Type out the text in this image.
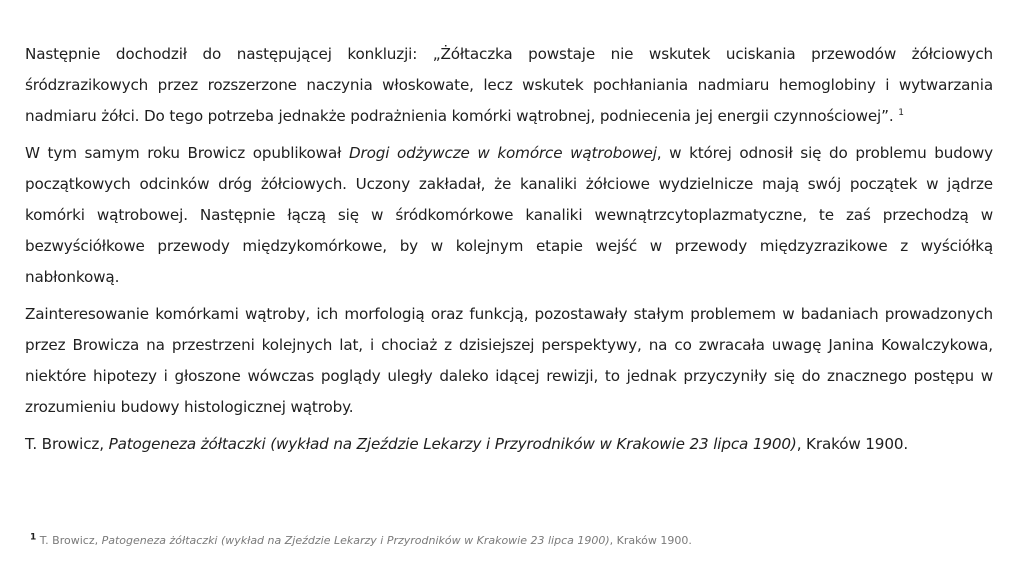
Następnie dochodził do następującej konkluzji: „Żółtaczka powstaje nie wskutek uciskania przewodów żółciowych śródzrazikowych przez rozszerzone naczynia włoskowate, lecz wskutek pochłaniania nadmiaru hemoglobiny i wytwarzania nadmiaru żółci. Do tego potrzeba jednakże podrażnienia komórki wątrobnej, podniecenia jej energii czynnościowej”. $^1$

W tym samym roku Browicz opublikował Drogi odżywcze w komórce wątrobowej, w której odnosił się do problemu budowy początkowych odcinków dróg żółciowych. Uczony zakładał, że kanaliki żółciowe wydzielnicze mają swój początek w jądrze komórki wątrobowej. Następnie łączą się w śródkomórkowe kanaliki wewnątrzcytoplazmatyczne, te zaś przechodzą w bezwyściółkowe przewody międzykomórkowe, by w kolejnym etapie wejść w przewody międzyzrazikowe z wyściółką nabłonkową.

Zainteresowanie komórkami wątroby, ich morfologią oraz funkcją, pozostawały stałym problemem w badaniach prowadzonych przez Browicza na przestrzeni kolejnych lat, i chociaż z dzisiejszej perspektywy, na co zwracała uwagę Janina Kowalczykowa, niektóre hipotezy i głoszone wówczas poglądy uległy daleko idącej rewizji, to jednak przyczyniły się do znacznego postępu w zrozumieniu budowy histologicznej wątroby.

T. Browicz, Patogeneza żółtaczki (wykład na Zjeździe Lekarzy i Przyrodników w Krakowie 23 lipca 1900), Kraków 1900.

$^1$ T. Browicz, Patogeneza żółtaczki (wykład na Zjeździe Lekarzy i Przyrodników w Krakowie 23 lipca 1900), Kraków 1900.
